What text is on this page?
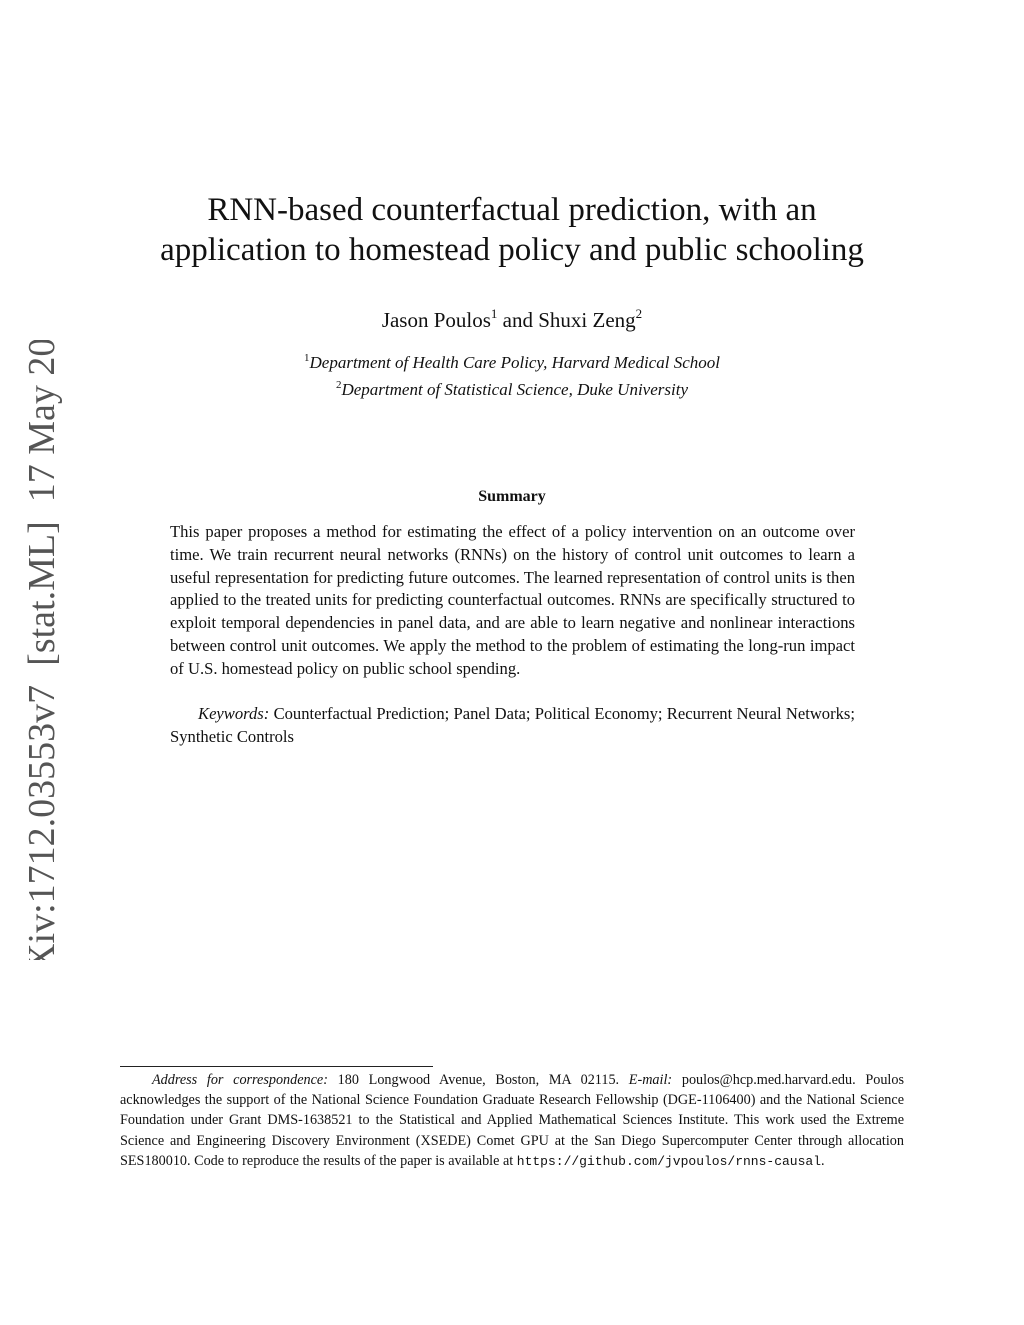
arXiv:1712.03553v7  [stat.ML]  17 May 2021
RNN-based counterfactual prediction, with an
application to homestead policy and public schooling
Jason Poulos$^1$ and Shuxi Zeng$^2$
$^1$Department of Health Care Policy, Harvard Medical School
$^2$Department of Statistical Science, Duke University
Summary

This paper proposes a method for estimating the effect of a policy intervention on an outcome over time. We train recurrent neural networks (RNNs) on the history of control unit outcomes to learn a useful representation for predicting future outcomes. The learned representation of control units is then applied to the treated units for predicting counterfactual outcomes. RNNs are specifically structured to exploit temporal dependencies in panel data, and are able to learn negative and nonlinear interactions between control unit outcomes. We apply the method to the problem of estimating the long-run impact of U.S. homestead policy on public school spending.

Keywords: Counterfactual Prediction; Panel Data; Political Economy; Recurrent Neural Networks; Synthetic Controls

Address for correspondence: 180 Longwood Avenue, Boston, MA 02115. E-mail: poulos@hcp.med.harvard.edu. Poulos acknowledges the support of the National Science Foundation Graduate Research Fellowship (DGE-1106400) and the National Science Foundation under Grant DMS-1638521 to the Statistical and Applied Mathematical Sciences Institute. This work used the Extreme Science and Engineering Discovery Environment (XSEDE) Comet GPU at the San Diego Supercomputer Center through allocation SES180010. Code to reproduce the results of the paper is available at https://github.com/jvpoulos/rnns-causal.
